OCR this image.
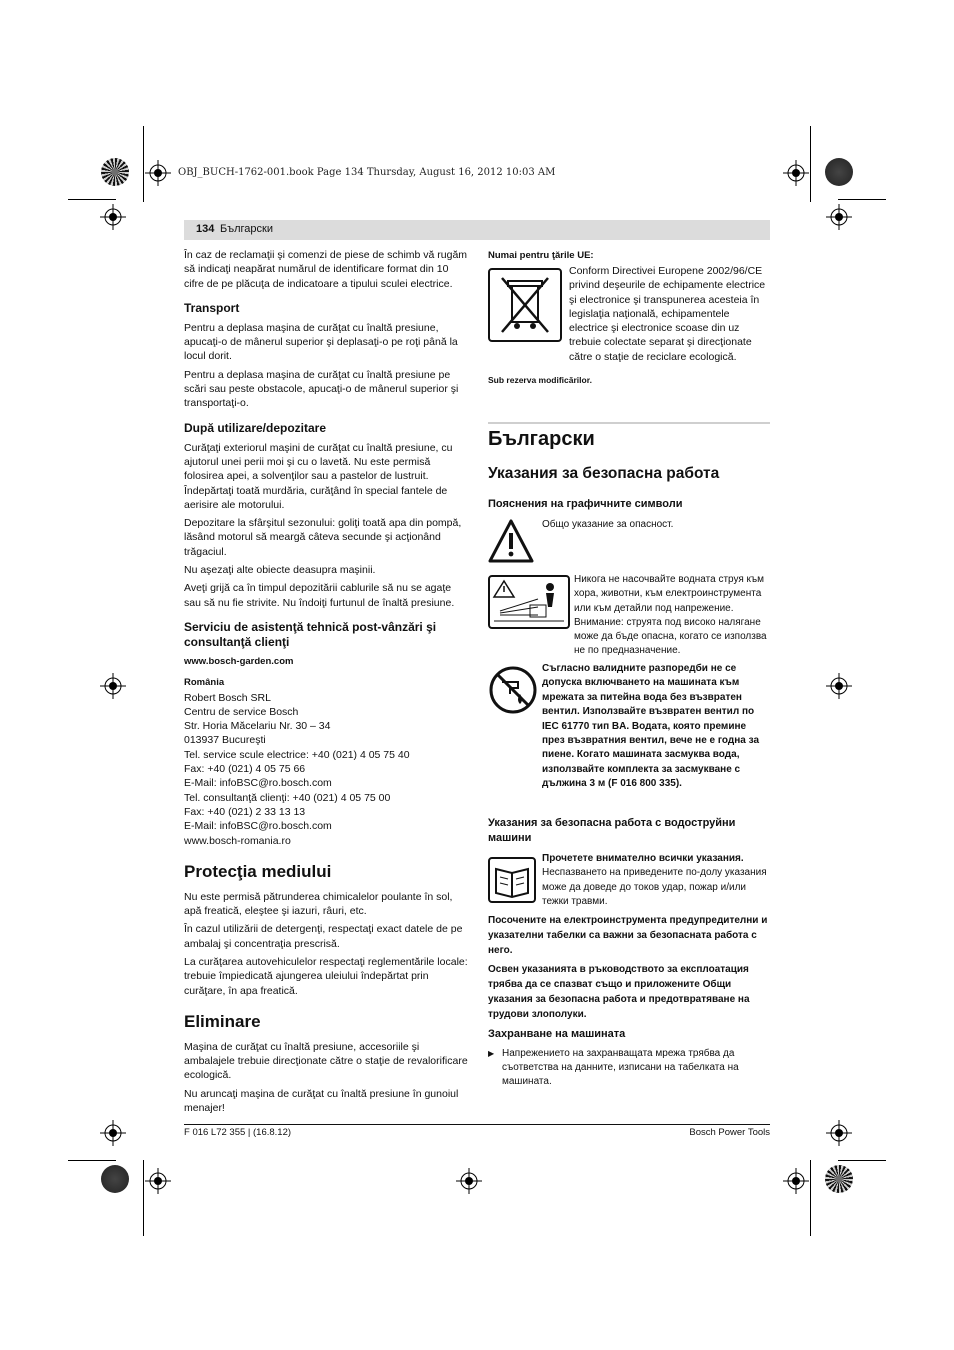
OBJ_BUCH-1762-001.book Page 134 Thursday, August 16, 2012 10:03 AM
134 Български

În caz de reclamaţii şi comenzi de piese de schimb vă rugăm să indicaţi neapărat numărul de identificare format din 10 cifre de pe plăcuţa de indicatoare a tipului sculei electrice.

Transport

Pentru a deplasa maşina de curăţat cu înaltă presiune, apucaţi-o de mânerul superior şi deplasaţi-o pe roţi până la locul dorit.

Pentru a deplasa maşina de curăţat cu înaltă presiune pe scări sau peste obstacole, apucaţi-o de mânerul superior şi transportaţi-o.

După utilizare/depozitare

Curăţaţi exteriorul maşini de curăţat cu înaltă presiune, cu ajutorul unei perii moi şi cu o lavetă. Nu este permisă folosirea apei, a solvenţilor sau a pastelor de lustruit. Îndepărtaţi toată murdăria, curăţând în special fantele de aerisire ale motorului.

Depozitare la sfârşitul sezonului: goliţi toată apa din pompă, lăsând motorul să meargă câteva secunde şi acţionând trăgaciul.

Nu aşezaţi alte obiecte deasupra maşinii.

Aveţi grijă ca în timpul depozitării cablurile să nu se agaţe sau să nu fie strivite. Nu îndoiţi furtunul de înaltă presiune.

Serviciu de asistenţă tehnică post-vânzări şi consultanţă clienţi

www.bosch-garden.com

România
Robert Bosch SRL
Centru de service Bosch
Str. Horia Măcelariu Nr. 30 – 34
013937 Bucureşti
Tel. service scule electrice: +40 (021) 4 05 75 40
Fax: +40 (021) 4 05 75 66
E-Mail: infoBSC@ro.bosch.com
Tel. consultanţă clienţi: +40 (021) 4 05 75 00
Fax: +40 (021) 2 33 13 13
E-Mail: infoBSC@ro.bosch.com
www.bosch-romania.ro
Protecţia mediului

Nu este permisă pătrunderea chimicalelor poulante în sol, apă freatică, eleştee şi iazuri, râuri, etc.

În cazul utilizării de detergenţi, respectaţi exact datele de pe ambalaj şi concentraţia prescrisă.

La curăţarea autovehiculelor respectaţi reglementările locale: trebuie împiedicată ajungerea uleiului îndepărtat prin curăţare, în apa freatică.

Eliminare

Maşina de curăţat cu înaltă presiune, accesoriile şi ambalajele trebuie direcţionate către o staţie de revalorificare ecologică.

Nu aruncaţi maşina de curăţat cu înaltă presiune în gunoiul menajer!

Numai pentru ţările UE:
Conform Directivei Europene 2002/96/CE privind deşeurile de echipamente electrice şi electronice şi transpunerea acesteia în legislaţia naţională, echipamentele electrice şi electronice scoase din uz trebuie colectate separat şi direcţionate către o staţie de reciclare ecologică.
Sub rezerva modificărilor.
Български
Указания за безопасна работа
Пояснения на графичните символи
Общо указание за опасност.
Никога не насочвайте водната струя към хора, животни, към електроинструмента или към детайли под напрежение. Внимание: струята под високо налягане може да бъде опасна, когато се използва не по предназначение.
Съгласно валидните разпоредби не се допуска включването на машината към мрежата за питейна вода без възвратен вентил. Използвайте възвратен вентил по IEC 61770 тип BA. Водата, която премине през възвратния вентил, вече не е годна за пиене. Когато машината засмуква вода, използвайте комплекта за засмукване с дължина 3 м (F 016 800 335).
Указания за безопасна работа с водоструйни машини
Прочетете внимателно всички указания.
Неспазването на приведените по-долу указания може да доведе до токов удар, пожар и/или тежки травми.

Посоченитe на електроинструмента предупредителни и указателни табелки са важни за безопасната работа с него.

Освен указанията в ръководството за експлоатация трябва да се спазват също и приложените Общи указания за безопасна работа и предотвратяване на трудови злополуки.

Захранване на машината
▶ Напрежението на захранващата мрежа трябва да съответства на данните, изписани на табелката на машината.
F 016 L72 355 | (16.8.12)	Bosch Power Tools
